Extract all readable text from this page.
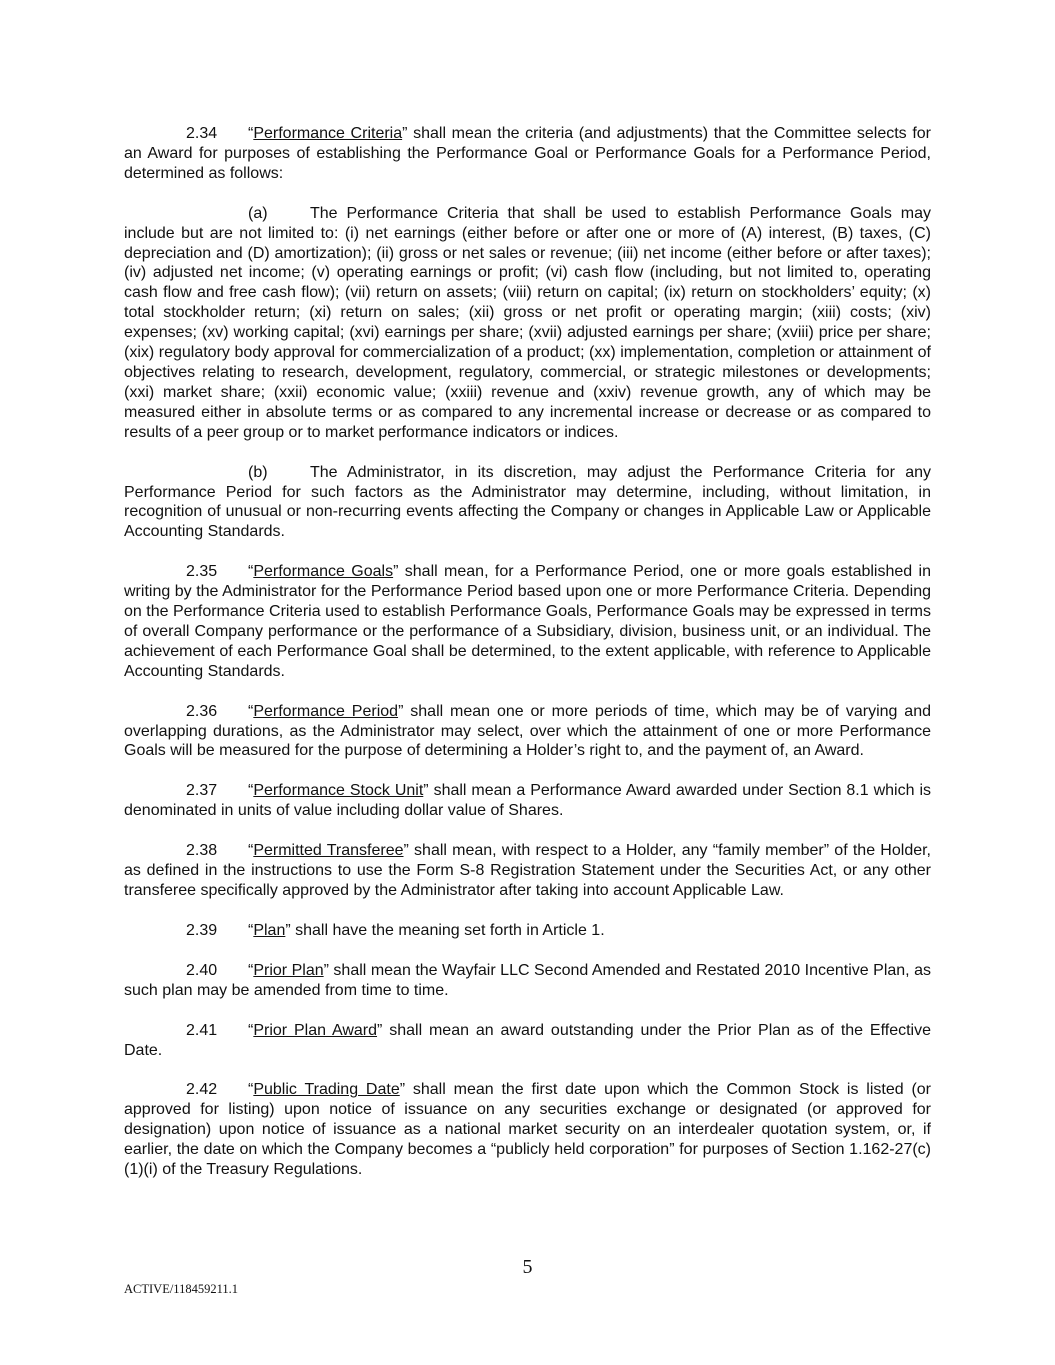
2.34 “Performance Criteria” shall mean the criteria (and adjustments) that the Committee selects for an Award for purposes of establishing the Performance Goal or Performance Goals for a Performance Period, determined as follows:

(a)	The Performance Criteria that shall be used to establish Performance Goals may include but are not limited to: (i) net earnings (either before or after one or more of (A) interest, (B) taxes, (C) depreciation and (D) amortization); (ii) gross or net sales or revenue; (iii) net income (either before or after taxes); (iv) adjusted net income; (v) operating earnings or profit; (vi) cash flow (including, but not limited to, operating cash flow and free cash flow); (vii) return on assets; (viii) return on capital; (ix) return on stockholders’ equity; (x) total stockholder return; (xi) return on sales; (xii) gross or net profit or operating margin; (xiii) costs; (xiv) expenses; (xv) working capital; (xvi) earnings per share; (xvii) adjusted earnings per share; (xviii) price per share; (xix) regulatory body approval for commercialization of a product; (xx) implementation, completion or attainment of objectives relating to research, development, regulatory, commercial, or strategic milestones or developments; (xxi) market share; (xxii) economic value; (xxiii) revenue and (xxiv) revenue growth, any of which may be measured either in absolute terms or as compared to any incremental increase or decrease or as compared to results of a peer group or to market performance indicators or indices.

(b)	The Administrator, in its discretion, may adjust the Performance Criteria for any Performance Period for such factors as the Administrator may determine, including, without limitation, in recognition of unusual or non-recurring events affecting the Company or changes in Applicable Law or Applicable Accounting Standards.

2.35 “Performance Goals” shall mean, for a Performance Period, one or more goals established in writing by the Administrator for the Performance Period based upon one or more Performance Criteria. Depending on the Performance Criteria used to establish Performance Goals, Performance Goals may be expressed in terms of overall Company performance or the performance of a Subsidiary, division, business unit, or an individual. The achievement of each Performance Goal shall be determined, to the extent applicable, with reference to Applicable Accounting Standards.

2.36 “Performance Period” shall mean one or more periods of time, which may be of varying and overlapping durations, as the Administrator may select, over which the attainment of one or more Performance Goals will be measured for the purpose of determining a Holder’s right to, and the payment of, an Award.

2.37 “Performance Stock Unit” shall mean a Performance Award awarded under Section 8.1 which is denominated in units of value including dollar value of Shares.

2.38 “Permitted Transferee” shall mean, with respect to a Holder, any “family member” of the Holder, as defined in the instructions to use the Form S-8 Registration Statement under the Securities Act, or any other transferee specifically approved by the Administrator after taking into account Applicable Law.

2.39 “Plan” shall have the meaning set forth in Article 1.

2.40 “Prior Plan” shall mean the Wayfair LLC Second Amended and Restated 2010 Incentive Plan, as such plan may be amended from time to time.

2.41 “Prior Plan Award” shall mean an award outstanding under the Prior Plan as of the Effective Date.

2.42 “Public Trading Date” shall mean the first date upon which the Common Stock is listed (or approved for listing) upon notice of issuance on any securities exchange or designated (or approved for designation) upon notice of issuance as a national market security on an interdealer quotation system, or, if earlier, the date on which the Company becomes a “publicly held corporation” for purposes of Section 1.162-27(c)(1)(i) of the Treasury Regulations.

5
ACTIVE/118459211.1
